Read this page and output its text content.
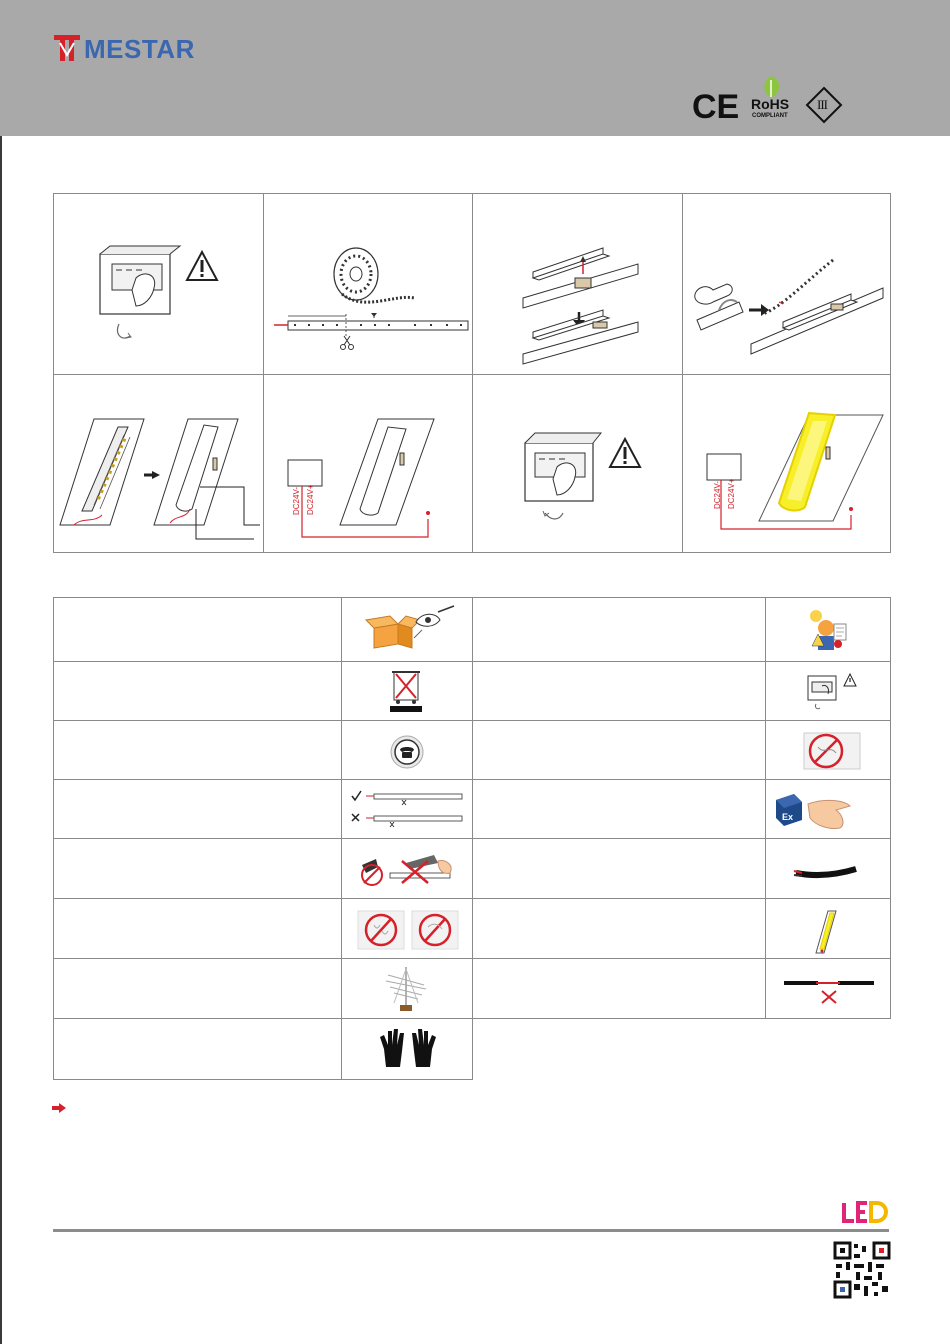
MESTAR
CE RoHS
COMPLIANT
III
DC24V- DC24V+	DC24V- DC24V+
Ex
